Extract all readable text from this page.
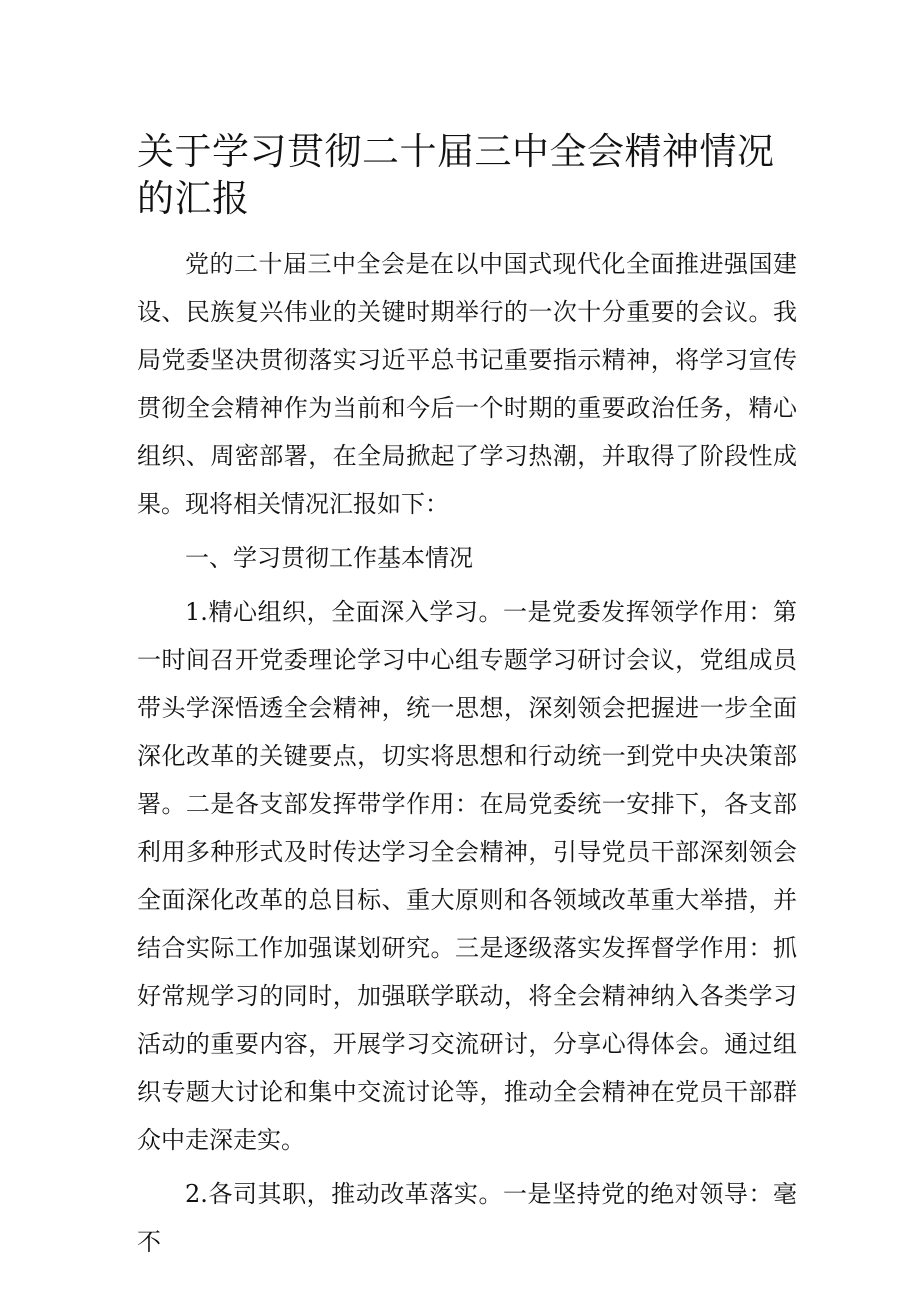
关于学习贯彻二十届三中全会精神情况的汇报

党的二十届三中全会是在以中国式现代化全面推进强国建设、民族复兴伟业的关键时期举行的一次十分重要的会议。我局党委坚决贯彻落实习近平总书记重要指示精神，将学习宣传贯彻全会精神作为当前和今后一个时期的重要政治任务，精心组织、周密部署，在全局掀起了学习热潮，并取得了阶段性成果。现将相关情况汇报如下：

一、学习贯彻工作基本情况

1.精心组织，全面深入学习。一是党委发挥领学作用：第一时间召开党委理论学习中心组专题学习研讨会议，党组成员带头学深悟透全会精神，统一思想，深刻领会把握进一步全面深化改革的关键要点，切实将思想和行动统一到党中央决策部署。二是各支部发挥带学作用：在局党委统一安排下，各支部利用多种形式及时传达学习全会精神，引导党员干部深刻领会全面深化改革的总目标、重大原则和各领域改革重大举措，并结合实际工作加强谋划研究。三是逐级落实发挥督学作用：抓好常规学习的同时，加强联学联动，将全会精神纳入各类学习活动的重要内容，开展学习交流研讨，分享心得体会。通过组织专题大讨论和集中交流讨论等，推动全会精神在党员干部群众中走深走实。

2.各司其职，推动改革落实。一是坚持党的绝对领导：毫不
